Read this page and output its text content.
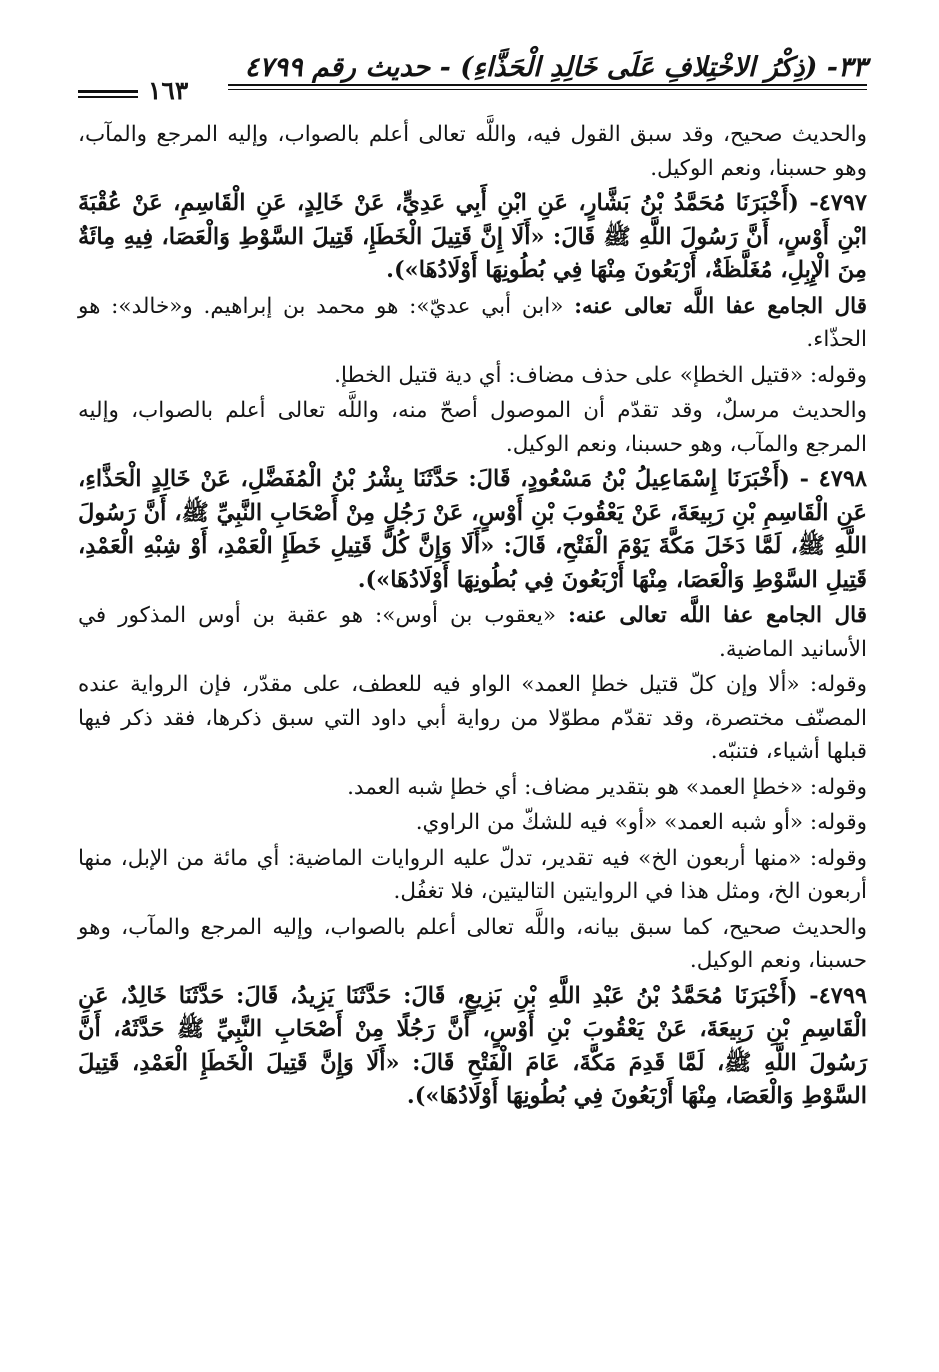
٣٣- (ذِكْرُ الاخْتِلافِ عَلَى خَالِدِ الْحَذَّاءِ) - حديث رقم ٤٧٩٩
١٦٣

والحديث صحيح، وقد سبق القول فيه، واللَّه تعالى أعلم بالصواب، وإليه المرجع والمآب، وهو حسبنا، ونعم الوكيل.

٤٧٩٧- (أَخْبَرَنَا مُحَمَّدُ بْنُ بَشَّارٍ، عَنِ ابْنِ أَبِي عَدِيٍّ، عَنْ خَالِدٍ، عَنِ الْقَاسِمِ، عَنْ عُقْبَةَ ابْنِ أَوْسٍ، أَنَّ رَسُولَ اللَّهِ ﷺ قَالَ: «أَلَا إِنَّ قَتِيلَ الْخَطَإِ، قَتِيلَ السَّوْطِ وَالْعَصَا، فِيهِ مِائَةٌ مِنَ الْإِبِلِ، مُغَلَّظَةٌ، أَرْبَعُونَ مِنْهَا فِي بُطُونِهَا أَوْلَادُهَا»).

قال الجامع عفا اللَّه تعالى عنه: «ابن أبي عديّ»: هو محمد بن إبراهيم. و«خالد»: هو الحذّاء.

وقوله: «قتيل الخطإ» على حذف مضاف: أي دية قتيل الخطإ.

والحديث مرسلٌ، وقد تقدّم أن الموصول أصحّ منه، واللَّه تعالى أعلم بالصواب، وإليه المرجع والمآب، وهو حسبنا، ونعم الوكيل.

٤٧٩٨ - (أَخْبَرَنَا إِسْمَاعِيلُ بْنُ مَسْعُودٍ، قَالَ: حَدَّثَنَا بِشْرُ بْنُ الْمُفَضَّلِ، عَنْ خَالِدٍ الْحَذَّاءِ، عَنِ الْقَاسِمِ بْنِ رَبِيعَةَ، عَنْ يَعْقُوبَ بْنِ أَوْسٍ، عَنْ رَجُلٍ مِنْ أَصْحَابِ النَّبِيِّ ﷺ، أَنَّ رَسُولَ اللَّهِ ﷺ، لَمَّا دَخَلَ مَكَّةَ يَوْمَ الْفَتْحِ، قَالَ: «أَلَا وَإِنَّ كُلَّ قَتِيلِ خَطَإِ الْعَمْدِ، أَوْ شِبْهِ الْعَمْدِ، قَتِيلِ السَّوْطِ وَالْعَصَا، مِنْهَا أَرْبَعُونَ فِي بُطُونِهَا أَوْلَادُهَا»).

قال الجامع عفا اللَّه تعالى عنه: «يعقوب بن أوس»: هو عقبة بن أوس المذكور في الأسانيد الماضية.

وقوله: «ألا وإن كلّ قتيل خطإ العمد» الواو فيه للعطف، على مقدّر، فإن الرواية عنده المصنّف مختصرة، وقد تقدّم مطوّلا من رواية أبي داود التي سبق ذكرها، فقد ذكر فيها قبلها أشياء، فتنبّه.

وقوله: «خطإ العمد» هو بتقدير مضاف: أي خطإ شبه العمد.

وقوله: «أو شبه العمد» «أو» فيه للشكّ من الراوي.

وقوله: «منها أربعون الخ» فيه تقدير، تدلّ عليه الروايات الماضية: أي مائة من الإبل، منها أربعون الخ، ومثل هذا في الروايتين التاليتين، فلا تغفُل.

والحديث صحيح، كما سبق بيانه، واللَّه تعالى أعلم بالصواب، وإليه المرجع والمآب، وهو حسبنا، ونعم الوكيل.

٤٧٩٩- (أَخْبَرَنَا مُحَمَّدُ بْنُ عَبْدِ اللَّهِ بْنِ بَزِيعٍ، قَالَ: حَدَّثَنَا يَزِيدُ، قَالَ: حَدَّثَنَا خَالِدٌ، عَنِ الْقَاسِمِ بْنِ رَبِيعَةَ، عَنْ يَعْقُوبَ بْنِ أَوْسٍ، أَنَّ رَجُلًا مِنْ أَصْحَابِ النَّبِيِّ ﷺ حَدَّثَهُ، أَنَّ رَسُولَ اللَّهِ ﷺ، لَمَّا قَدِمَ مَكَّةَ، عَامَ الْفَتْحِ قَالَ: «أَلَا وَإِنَّ قَتِيلَ الْخَطَإِ الْعَمْدِ، قَتِيلَ السَّوْطِ وَالْعَصَا، مِنْهَا أَرْبَعُونَ فِي بُطُونِهَا أَوْلَادُهَا»).
